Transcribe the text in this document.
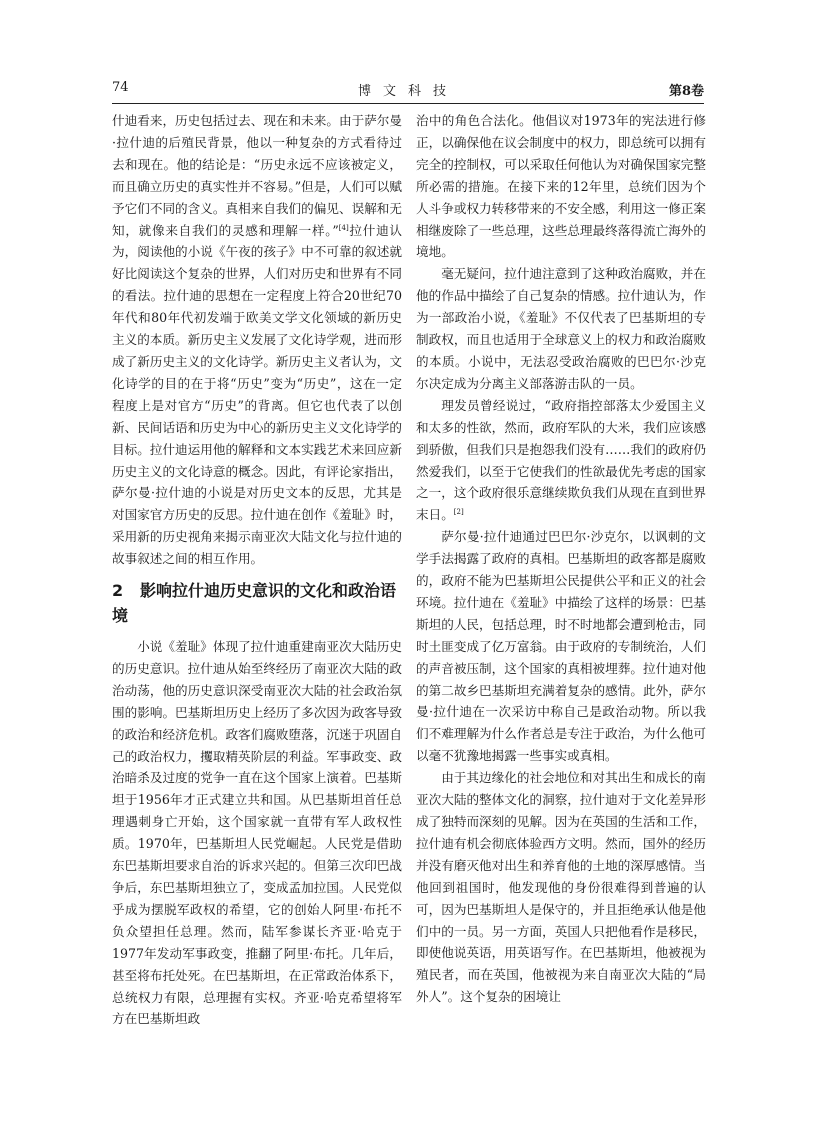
74	博文科技	第8卷

什迪看来，历史包括过去、现在和未来。由于萨尔曼·拉什迪的后殖民背景，他以一种复杂的方式看待过去和现在。他的结论是：“历史永远不应该被定义，而且确立历史的真实性并不容易。”但是，人们可以赋予它们不同的含义。真相来自我们的偏见、误解和无知，就像来自我们的灵感和理解一样。”[4]拉什迪认为，阅读他的小说《午夜的孩子》中不可靠的叙述就好比阅读这个复杂的世界，人们对历史和世界有不同的看法。拉什迪的思想在一定程度上符合20世纪70年代和80年代初发端于欧美文学文化领域的新历史主义的本质。新历史主义发展了文化诗学观，进而形成了新历史主义的文化诗学。新历史主义者认为，文化诗学的目的在于将“历史”变为“历史”，这在一定程度上是对官方“历史”的背离。但它也代表了以创新、民间话语和历史为中心的新历史主义文化诗学的目标。拉什迪运用他的解释和文本实践艺术来回应新历史主义的文化诗意的概念。因此，有评论家指出，萨尔曼·拉什迪的小说是对历史文本的反思，尤其是对国家官方历史的反思。拉什迪在创作《羞耻》时，采用新的历史视角来揭示南亚次大陆文化与拉什迪的故事叙述之间的相互作用。

2 影响拉什迪历史意识的文化和政治语境

小说《羞耻》体现了拉什迪重建南亚次大陆历史的历史意识。拉什迪从始至终经历了南亚次大陆的政治动荡，他的历史意识深受南亚次大陆的社会政治氛围的影响。巴基斯坦历史上经历了多次因为政客导致的政治和经济危机。政客们腐败堕落，沉迷于巩固自己的政治权力，攫取精英阶层的利益。军事政变、政治暗杀及过度的党争一直在这个国家上演着。巴基斯坦于1956年才正式建立共和国。从巴基斯坦首任总理遇刺身亡开始，这个国家就一直带有军人政权性质。1970年，巴基斯坦人民党崛起。人民党是借助东巴基斯坦要求自治的诉求兴起的。但第三次印巴战争后，东巴基斯坦独立了，变成孟加拉国。人民党似乎成为摆脱军政权的希望，它的创始人阿里·布托不负众望担任总理。然而，陆军参谋长齐亚·哈克于1977年发动军事政变，推翻了阿里·布托。几年后，甚至将布托处死。在巴基斯坦，在正常政治体系下，总统权力有限，总理握有实权。齐亚·哈克希望将军方在巴基斯坦政

治中的角色合法化。他倡议对1973年的宪法进行修正，以确保他在议会制度中的权力，即总统可以拥有完全的控制权，可以采取任何他认为对确保国家完整所必需的措施。在接下来的12年里，总统们因为个人斗争或权力转移带来的不安全感，利用这一修正案相继废除了一些总理，这些总理最终落得流亡海外的境地。

毫无疑问，拉什迪注意到了这种政治腐败，并在他的作品中描绘了自己复杂的情感。拉什迪认为，作为一部政治小说，《羞耻》不仅代表了巴基斯坦的专制政权，而且也适用于全球意义上的权力和政治腐败的本质。小说中，无法忍受政治腐败的巴巴尔·沙克尔决定成为分离主义部落游击队的一员。

理发员曾经说过，“政府指控部落太少爱国主义和太多的性欲，然而，政府军队的大米，我们应该感到骄傲，但我们只是抱怨我们没有……我们的政府仍然爱我们，以至于它使我们的性欲最优先考虑的国家之一，这个政府很乐意继续欺负我们从现在直到世界末日。[2]

萨尔曼·拉什迪通过巴巴尔·沙克尔，以讽刺的文学手法揭露了政府的真相。巴基斯坦的政客都是腐败的，政府不能为巴基斯坦公民提供公平和正义的社会环境。拉什迪在《羞耻》中描绘了这样的场景：巴基斯坦的人民，包括总理，时不时地都会遭到枪击，同时土匪变成了亿万富翁。由于政府的专制统治，人们的声音被压制，这个国家的真相被埋葬。拉什迪对他的第二故乡巴基斯坦充满着复杂的感情。此外，萨尔曼·拉什迪在一次采访中称自己是政治动物。所以我们不难理解为什么作者总是专注于政治，为什么他可以毫不犹豫地揭露一些事实或真相。

由于其边缘化的社会地位和对其出生和成长的南亚次大陆的整体文化的洞察，拉什迪对于文化差异形成了独特而深刻的见解。因为在英国的生活和工作，拉什迪有机会彻底体验西方文明。然而，国外的经历并没有磨灭他对出生和养育他的土地的深厚感情。当他回到祖国时，他发现他的身份很难得到普遍的认可，因为巴基斯坦人是保守的，并且拒绝承认他是他们中的一员。另一方面，英国人只把他看作是移民，即使他说英语，用英语写作。在巴基斯坦，他被视为殖民者，而在英国，他被视为来自南亚次大陆的“局外人”。这个复杂的困境让
